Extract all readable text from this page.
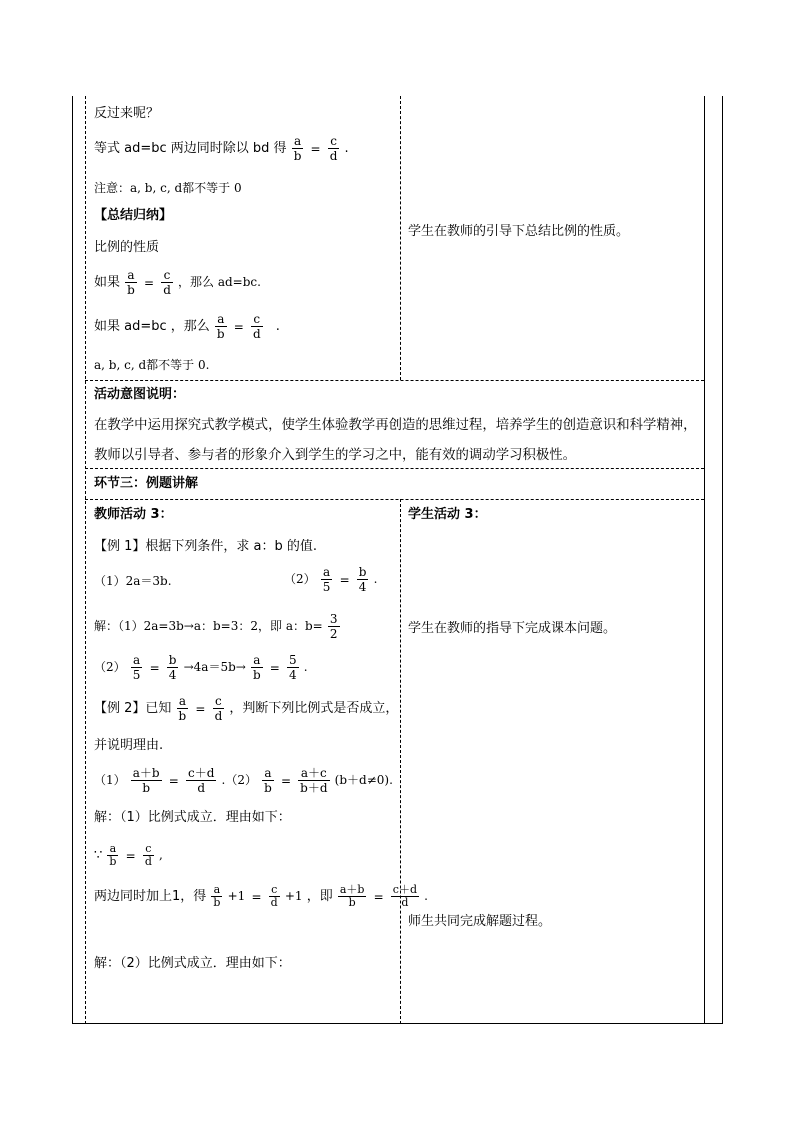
反过来呢？
等式 ad=bc 两边同时除以 bd 得 $\frac{a}{b} = \frac{c}{d}$ .
注意：a, b, c, d都不等于 0
【总结归纳】
比例的性质
如果 $\frac{a}{b} = \frac{c}{d}$ ，那么 ad=bc.
如果 ad=bc ，那么 $\frac{a}{b} = \frac{c}{d}$ .
a, b, c, d都不等于 0.
学生在教师的引导下总结比例的性质。
活动意图说明：
在教学中运用探究式教学模式，使学生体验教学再创造的思维过程，培养学生的创造意识和科学精神，教师以引导者、参与者的形象介入到学生的学习之中，能有效的调动学习积极性。
环节三：例题讲解
教师活动 3：
【例 1】根据下列条件，求 a：b 的值.
（1）2a＝3b.	$(2) \frac{a}{5} = \frac{b}{4}$ .
解：（1）2a=3b→a：b=3：2，即 a：$b= \frac{3}{2}$
$(2) \frac{a}{5} = \frac{b}{4} \to 4a=5b\to \frac{a}{b} = \frac{5}{4}$ .
【例 2】已知 $\frac{a}{b} = \frac{c}{d}$ ，判断下列比例式是否成立，
并说明理由.
$(1) \frac{a+b}{b} = \frac{c+d}{d} .(2) \frac{a}{b} = \frac{a+c}{b+d} (b+d\ne 0)$.
解：（1）比例式成立．理由如下：
∵ $\frac{a}{b} = \frac{c}{d}$ ,
两边同时加上1，得 $\frac{a}{b} +1 = \frac{c}{d} +1$ ，即 $\frac{a+b}{b} = \frac{c+d}{d}$ .
解：（2）比例式成立．理由如下：
学生活动 3：
学生在教师的指导下完成课本问题。
师生共同完成解题过程。
